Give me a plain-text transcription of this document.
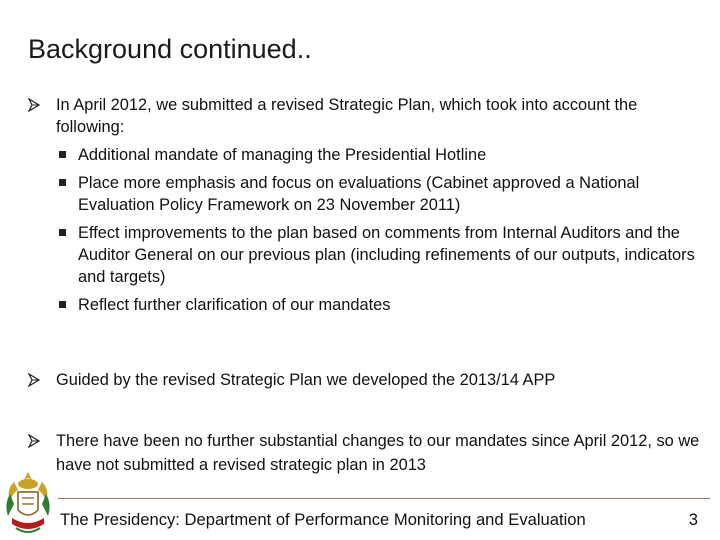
Background continued..
In April 2012, we submitted a revised Strategic Plan, which took into account the following:
Additional mandate of managing the Presidential Hotline
Place more emphasis and focus on evaluations (Cabinet approved a National Evaluation Policy Framework on 23 November 2011)
Effect improvements to the plan based on comments from Internal Auditors and the Auditor General on our previous plan (including refinements of our outputs, indicators and targets)
Reflect further clarification of our mandates
Guided by the revised Strategic Plan we developed the 2013/14 APP
There have been no further substantial changes to our mandates since April 2012, so we have not submitted a revised strategic plan in 2013
The Presidency: Department of Performance Monitoring and Evaluation	3
